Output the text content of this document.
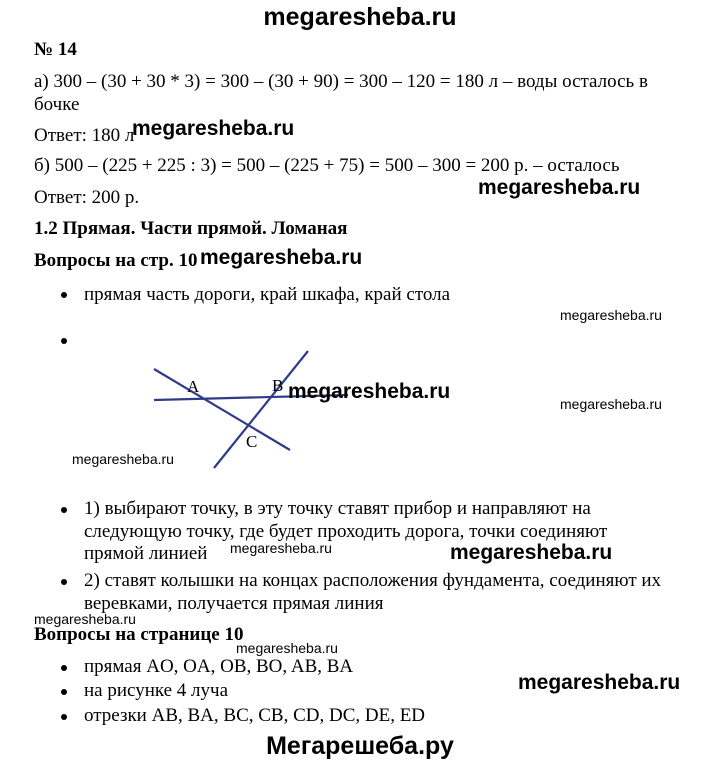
megaresheba.ru
№ 14
а) 300 – (30 + 30 * 3) = 300 – (30 + 90) = 300 – 120 = 180 л – воды осталось в
бочке
Ответ: 180 л
megaresheba.ru
б) 500 – (225 + 225 : 3) = 500 – (225 + 75) = 500 – 300 = 200 р. – осталось
Ответ: 200 р.	megaresheba.ru
1.2 Прямая. Части прямой. Ломаная
Вопросы на стр. 10 megaresheba.ru
прямая часть дороги, край шкафа, край стола
megaresheba.ru
A	B
C
megaresheba.ru
megaresheba.ru
megaresheba.ru
1) выбирают точку, в эту точку ставят прибор и направляют на
следующую точку, где будет проходить дорога, точки соединяют
прямой линией megaresheba.ru	megaresheba.ru
2) ставят колышки на концах расположения фундамента, соединяют их
веревками, получается прямая линия
megaresheba.ru
Вопросы на странице 10
megaresheba.ru
прямая AO, OA, OB, BO, AB, BA
на рисунке 4 луча	megaresheba.ru
отрезки AB, BA, BC, CB, CD, DC, DE, ED
Мегарешеба.ру
